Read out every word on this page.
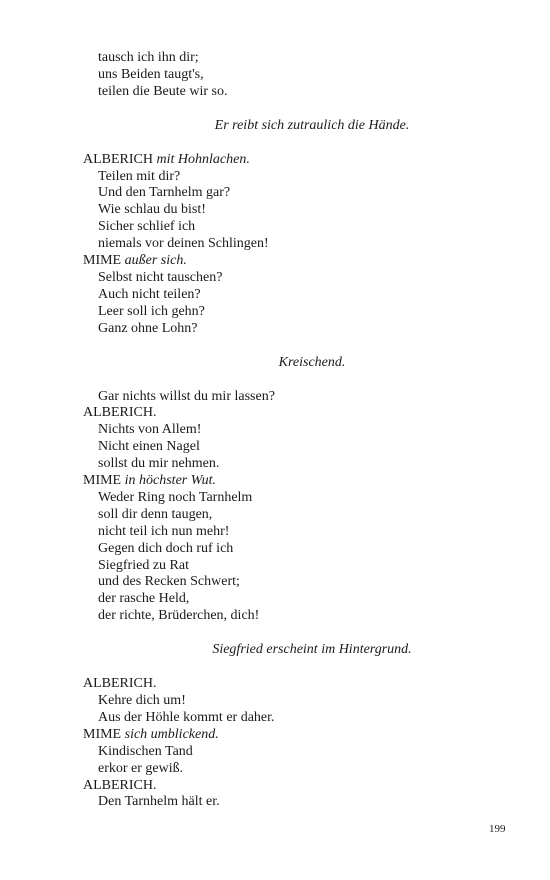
tausch ich ihn dir;
uns Beiden taugt's,
teilen die Beute wir so.
Er reibt sich zutraulich die Hände.
ALBERICH mit Hohnlachen.
Teilen mit dir?
Und den Tarnhelm gar?
Wie schlau du bist!
Sicher schlief ich
niemals vor deinen Schlingen!
MIME außer sich.
Selbst nicht tauschen?
Auch nicht teilen?
Leer soll ich gehn?
Ganz ohne Lohn?
Kreischend.
Gar nichts willst du mir lassen?
ALBERICH.
Nichts von Allem!
Nicht einen Nagel
sollst du mir nehmen.
MIME in höchster Wut.
Weder Ring noch Tarnhelm
soll dir denn taugen,
nicht teil ich nun mehr!
Gegen dich doch ruf ich
Siegfried zu Rat
und des Recken Schwert;
der rasche Held,
der richte, Brüderchen, dich!
Siegfried erscheint im Hintergrund.
ALBERICH.
Kehre dich um!
Aus der Höhle kommt er daher.
MIME sich umblickend.
Kindischen Tand
erkor er gewiß.
ALBERICH.
Den Tarnhelm hält er.
199
